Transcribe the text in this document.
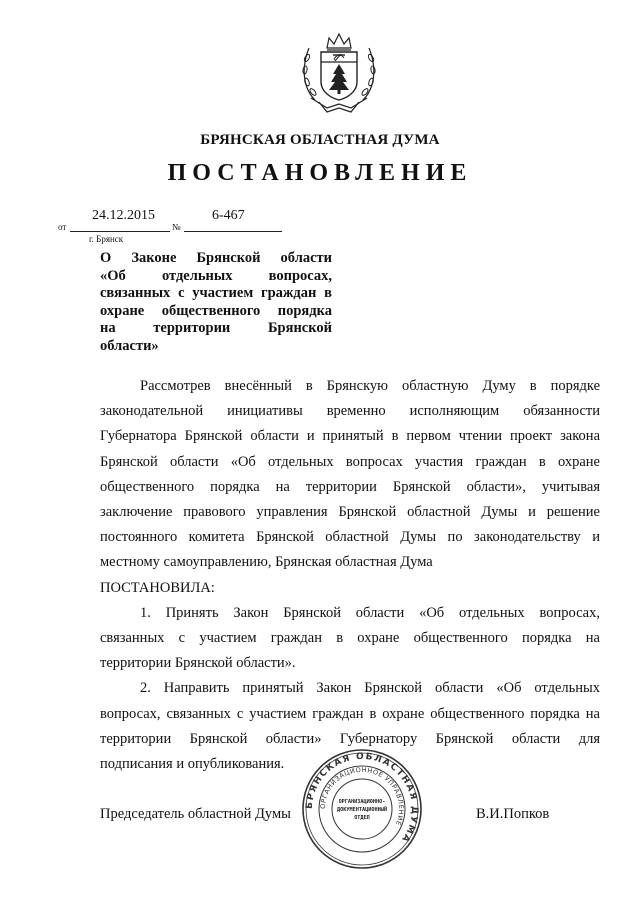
БРЯНСКАЯ ОБЛАСТНАЯ ДУМА
ПОСТАНОВЛЕНИЕ
от
24.12.2015
№
6-467
г. Брянск
О Законе Брянской области
«Об отдельных вопросах,
связанных с участием граждан в
охране общественного порядка
на территории Брянской
области»
Рассмотрев внесённый в Брянскую областную Думу в порядке
законодательной инициативы временно исполняющим обязанности
Губернатора Брянской области и принятый в первом чтении проект закона
Брянской области «Об отдельных вопросах участия граждан в охране
общественного порядка на территории Брянской области», учитывая
заключение правового управления Брянской областной Думы и решение
постоянного комитета Брянской областной Думы по законодательству и
местному самоуправлению, Брянская областная Дума

ПОСТАНОВИЛА:

1. Принять Закон Брянской области «Об отдельных вопросах,
связанных с участием граждан в охране общественного порядка на
территории Брянской области».
2. Направить принятый Закон Брянской области «Об отдельных
вопросах, связанных с участием граждан в охране общественного порядка на
территории Брянской области» Губернатору Брянской области для
подписания и опубликования.
Председатель областной Думы	В.И.Попков
БРЯНСКАЯ ОБЛАСТНАЯ ДУМА
ОРГАНИЗАЦИОННОЕ УПРАВЛЕНИЕ
ОРГАНИЗАЦИОННО-
ДОКУМЕНТАЦИОННЫЙ
ОТДЕЛ
